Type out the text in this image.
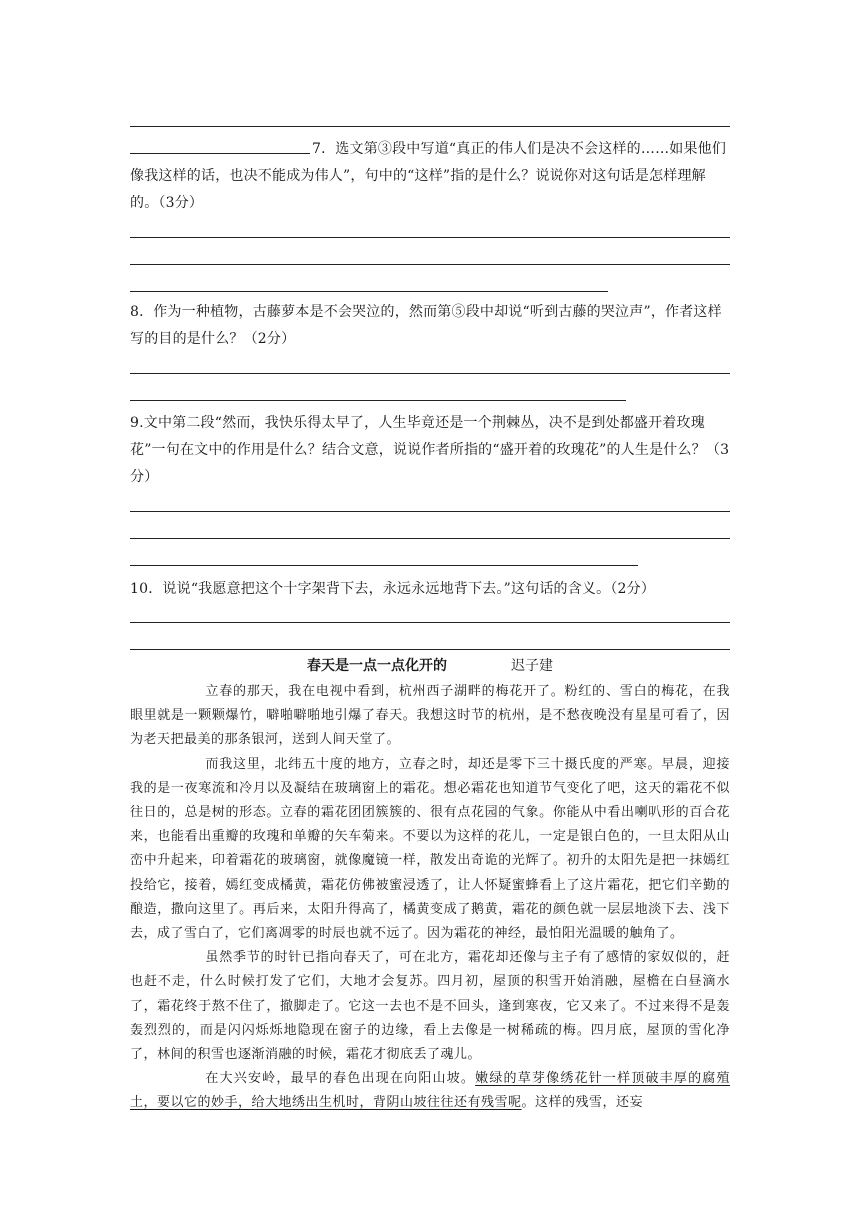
7．选文第③段中写道“真正的伟人们是决不会这样的……如果他们像我这样的话，也决不能成为伟人”，句中的“这样”指的是什么？说说你对这句话是怎样理解的。（3分）
8．作为一种植物，古藤萝本是不会哭泣的，然而第⑤段中却说“听到古藤的哭泣声”，作者这样写的目的是什么？（2分）
9.文中第二段“然而，我快乐得太早了，人生毕竟还是一个荆棘丛，决不是到处都盛开着玫瑰花”一句在文中的作用是什么？结合文意，说说作者所指的“盛开着的玫瑰花”的人生是什么？（3分）
10．说说“我愿意把这个十字架背下去，永远永远地背下去。”这句话的含义。（2分）
春天是一点一点化开的	迟子建

立春的那天，我在电视中看到，杭州西子湖畔的梅花开了。粉红的、雪白的梅花，在我眼里就是一颗颗爆竹，噼啪噼啪地引爆了春天。我想这时节的杭州，是不愁夜晚没有星星可看了，因为老天把最美的那条银河，送到人间天堂了。

而我这里，北纬五十度的地方，立春之时，却还是零下三十摄氏度的严寒。早晨，迎接我的是一夜寒流和冷月以及凝结在玻璃窗上的霜花。想必霜花也知道节气变化了吧，这天的霜花不似往日的，总是树的形态。立春的霜花团团簇簇的、很有点花园的气象。你能从中看出喇叭形的百合花来，也能看出重瓣的玫瑰和单瓣的矢车菊来。不要以为这样的花儿，一定是银白色的，一旦太阳从山峦中升起来，印着霜花的玻璃窗，就像魔镜一样，散发出奇诡的光辉了。初升的太阳先是把一抹嫣红投给它，接着，嫣红变成橘黄，霜花仿佛被蜜浸透了，让人怀疑蜜蜂看上了这片霜花，把它们辛勤的酿造，撒向这里了。再后来，太阳升得高了，橘黄变成了鹅黄，霜花的颜色就一层层地淡下去、浅下去，成了雪白了，它们离凋零的时辰也就不远了。因为霜花的神经，最怕阳光温暖的触角了。

虽然季节的时针已指向春天了，可在北方，霜花却还像与主子有了感情的家奴似的，赶也赶不走，什么时候打发了它们，大地才会复苏。四月初，屋顶的积雪开始消融，屋檐在白昼滴水了，霜花终于熬不住了，撤脚走了。它这一去也不是不回头，逢到寒夜，它又来了。不过来得不是轰轰烈烈的，而是闪闪烁烁地隐现在窗子的边缘，看上去像是一树稀疏的梅。四月底，屋顶的雪化净了，林间的积雪也逐渐消融的时候，霜花才彻底丢了魂儿。

在大兴安岭，最早的春色出现在向阳山坡。嫩绿的草芽像绣花针一样顶破丰厚的腐殖土，要以它的妙手，给大地绣出生机时，背阴山坡往往还有残雪呢。这样的残雪，还妄
